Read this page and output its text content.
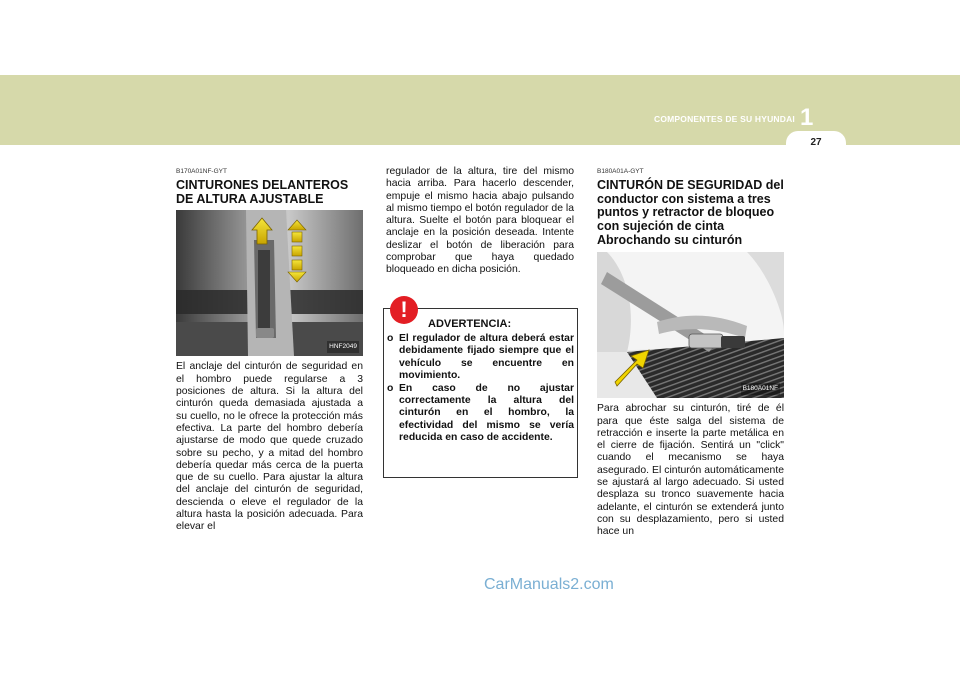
COMPONENTES DE SU HYUNDAI 1
27
B170A01NF-GYT
CINTURONES DELANTEROS DE ALTURA AJUSTABLE
HNF2049

El anclaje del cinturón de seguridad en el hombro puede regularse a 3 posiciones de altura. Si la altura del cinturón queda demasiada ajustada a su cuello, no le ofrece la protección más efectiva. La parte del hombro debería ajustarse de modo que quede cruzado sobre su pecho, y a mitad del hombro debería quedar más cerca de la puerta que de su cuello. Para ajustar la altura del anclaje del cinturón de seguridad, descienda o eleve el regulador de la altura hasta la posición adecuada. Para elevar el

regulador de la altura, tire del mismo hacia arriba. Para hacerlo descender, empuje el mismo hacia abajo pulsando al mismo tiempo el botón regulador de la altura. Suelte el botón para bloquear el anclaje en la posición deseada. Intente deslizar el botón de liberación para comprobar que haya quedado bloqueado en dicha posición.

!
ADVERTENCIA:
o El regulador de altura deberá estar debidamente fijado siempre que el vehículo se encuentre en movimiento.
o En caso de no ajustar correctamente la altura del cinturón en el hombro, la efectividad del mismo se vería reducida en caso de accidente.
B180A01A-GYT
CINTURÓN DE SEGURIDAD del conductor con sistema a tres puntos y retractor de bloqueo con sujeción de cinta
Abrochando su cinturón
B180A01NF

Para abrochar su cinturón, tiré de él para que éste salga del sistema de retracción e inserte la parte metálica en el cierre de fijación. Sentirá un "click" cuando el mecanismo se haya asegurado. El cinturón automáticamente se ajustará al largo adecuado. Si usted desplaza su tronco suavemente hacia adelante, el cinturón se extenderá junto con su desplazamiento, pero si usted hace un

CarManuals2.com
